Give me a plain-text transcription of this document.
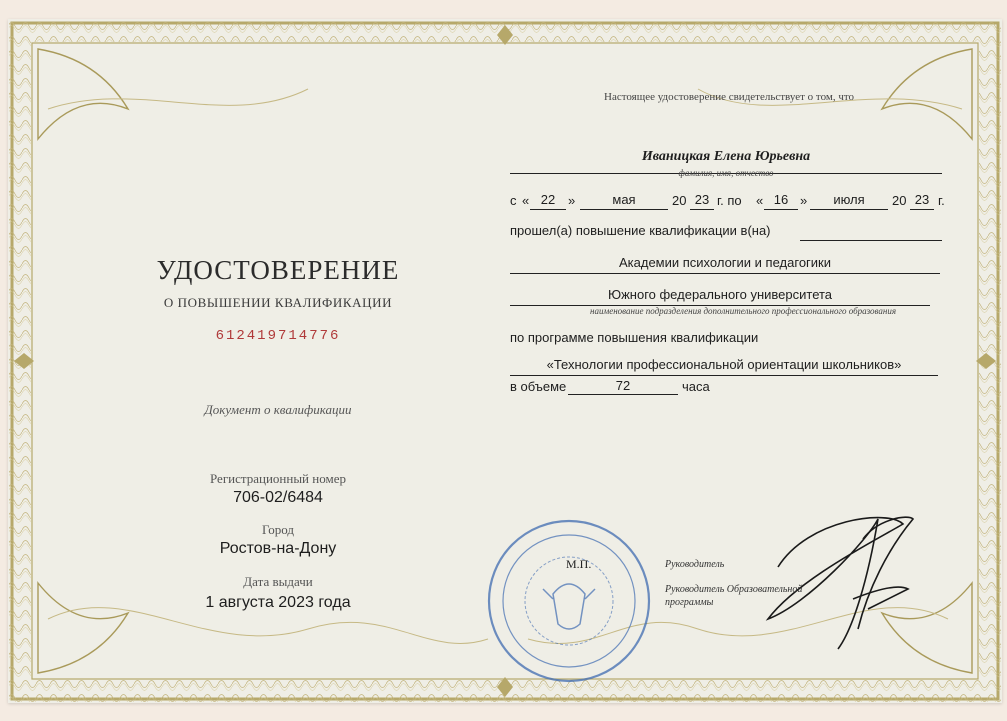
УДОСТОВЕРЕНИЕ
О ПОВЫШЕНИИ КВАЛИФИКАЦИИ
612419714776
Документ о квалификации
Регистрационный номер
706-02/6484
Город
Ростов-на-Дону
Дата выдачи
1 августа 2023 года
Настоящее удостоверение свидетельствует о том, что
Иваницкая Елена Юрьевна
фамилия, имя, отчество
с « 22 »	мая	20 23 г. по « 16 »	июля	20 23 г.
прошел(а) повышение квалификации в(на)
Академии психологии и педагогики
Южного федерального университета
наименование подразделения дополнительного профессионального образования
по программе повышения квалификации
«Технологии профессиональной ориентации школьников»
в объеме	72	часа
М.П.	Руководитель
Руководитель Образовательной
программы
